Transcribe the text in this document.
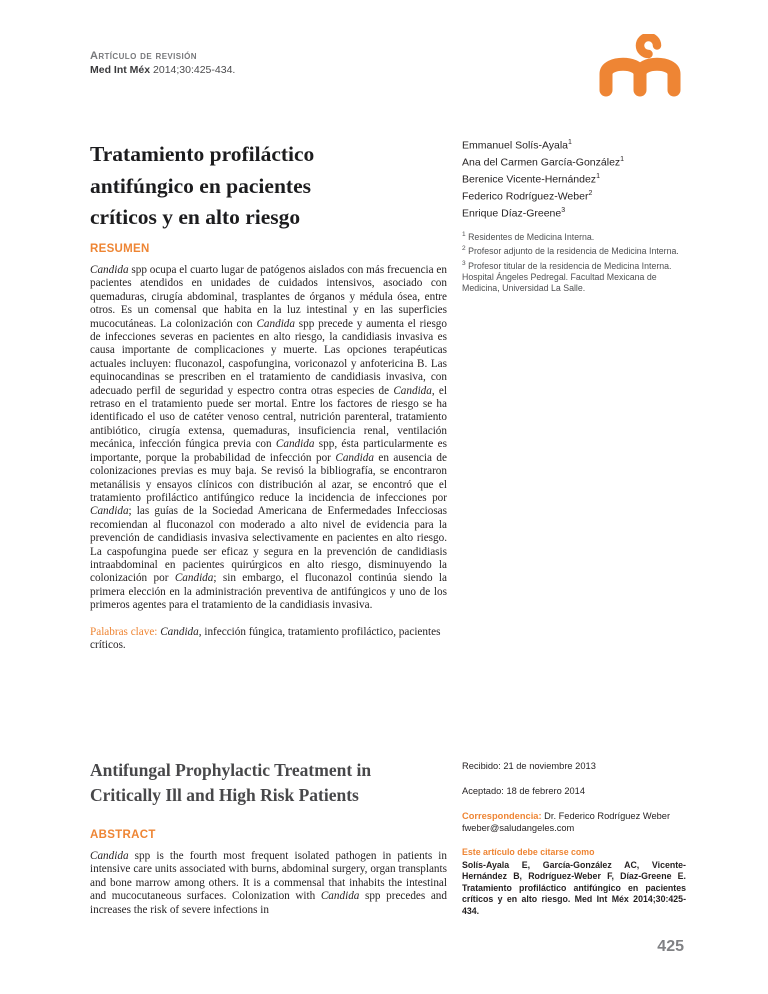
Artículo de revisión
Med Int Méx 2014;30:425-434.
Tratamiento profiláctico
antifúngico en pacientes
críticos y en alto riesgo
Emmanuel Solís-Ayala$^1$
Ana del Carmen García-González$^1$
Berenice Vicente-Hernández$^1$
Federico Rodríguez-Weber$^2$
Enrique Díaz-Greene$^3$

$^1$ Residentes de Medicina Interna.

$^2$ Profesor adjunto de la residencia de Medicina Interna.

$^3$ Profesor titular de la residencia de Medicina Interna. Hospital Ángeles Pedregal. Facultad Mexicana de Medicina, Universidad La Salle.

RESUMEN

Candida spp ocupa el cuarto lugar de patógenos aislados con más frecuencia en pacientes atendidos en unidades de cuidados intensivos, asociado con quemaduras, cirugía abdominal, trasplantes de órganos y médula ósea, entre otros. Es un comensal que habita en la luz intestinal y en las superficies mucocutáneas. La colonización con Candida spp precede y aumenta el riesgo de infecciones severas en pacientes en alto riesgo, la candidiasis invasiva es causa importante de complicaciones y muerte. Las opciones terapéuticas actuales incluyen: fluconazol, caspofungina, voriconazol y anfotericina B. Las equinocandinas se prescriben en el tratamiento de candidiasis invasiva, con adecuado perfil de seguridad y espectro contra otras especies de Candida, el retraso en el tratamiento puede ser mortal. Entre los factores de riesgo se ha identificado el uso de catéter venoso central, nutrición parenteral, tratamiento antibiótico, cirugía extensa, quemaduras, insuficiencia renal, ventilación mecánica, infección fúngica previa con Candida spp, ésta particularmente es importante, porque la probabilidad de infección por Candida en ausencia de colonizaciones previas es muy baja. Se revisó la bibliografía, se encontraron metanálisis y ensayos clínicos con distribución al azar, se encontró que el tratamiento profiláctico antifúngico reduce la incidencia de infecciones por Candida; las guías de la Sociedad Americana de Enfermedades Infecciosas recomiendan al fluconazol con moderado a alto nivel de evidencia para la prevención de candidiasis invasiva selectivamente en pacientes en alto riesgo. La caspofungina puede ser eficaz y segura en la prevención de candidiasis intraabdominal en pacientes quirúrgicos en alto riesgo, disminuyendo la colonización por Candida; sin embargo, el fluconazol continúa siendo la primera elección en la administración preventiva de antifúngicos y uno de los primeros agentes para el tratamiento de la candidiasis invasiva.

Palabras clave: Candida, infección fúngica, tratamiento profiláctico, pacientes críticos.

Antifungal Prophylactic Treatment in
Critically Ill and High Risk Patients
ABSTRACT

Candida spp is the fourth most frequent isolated pathogen in patients in intensive care units associated with burns, abdominal surgery, organ transplants and bone marrow among others. It is a commensal that inhabits the intestinal and mucocutaneous surfaces. Colonization with Candida spp precedes and increases the risk of severe infections in

Recibido: 21 de noviembre 2013

Aceptado: 18 de febrero 2014

Correspondencia: Dr. Federico Rodríguez Weber
fweber@saludangeles.com

Este artículo debe citarse como
Solís-Ayala E, García-González AC, Vicente-Hernández B, Rodríguez-Weber F, Díaz-Greene E. Tratamiento profiláctico antifúngico en pacientes críticos y en alto riesgo. Med Int Méx 2014;30:425-434.

425
